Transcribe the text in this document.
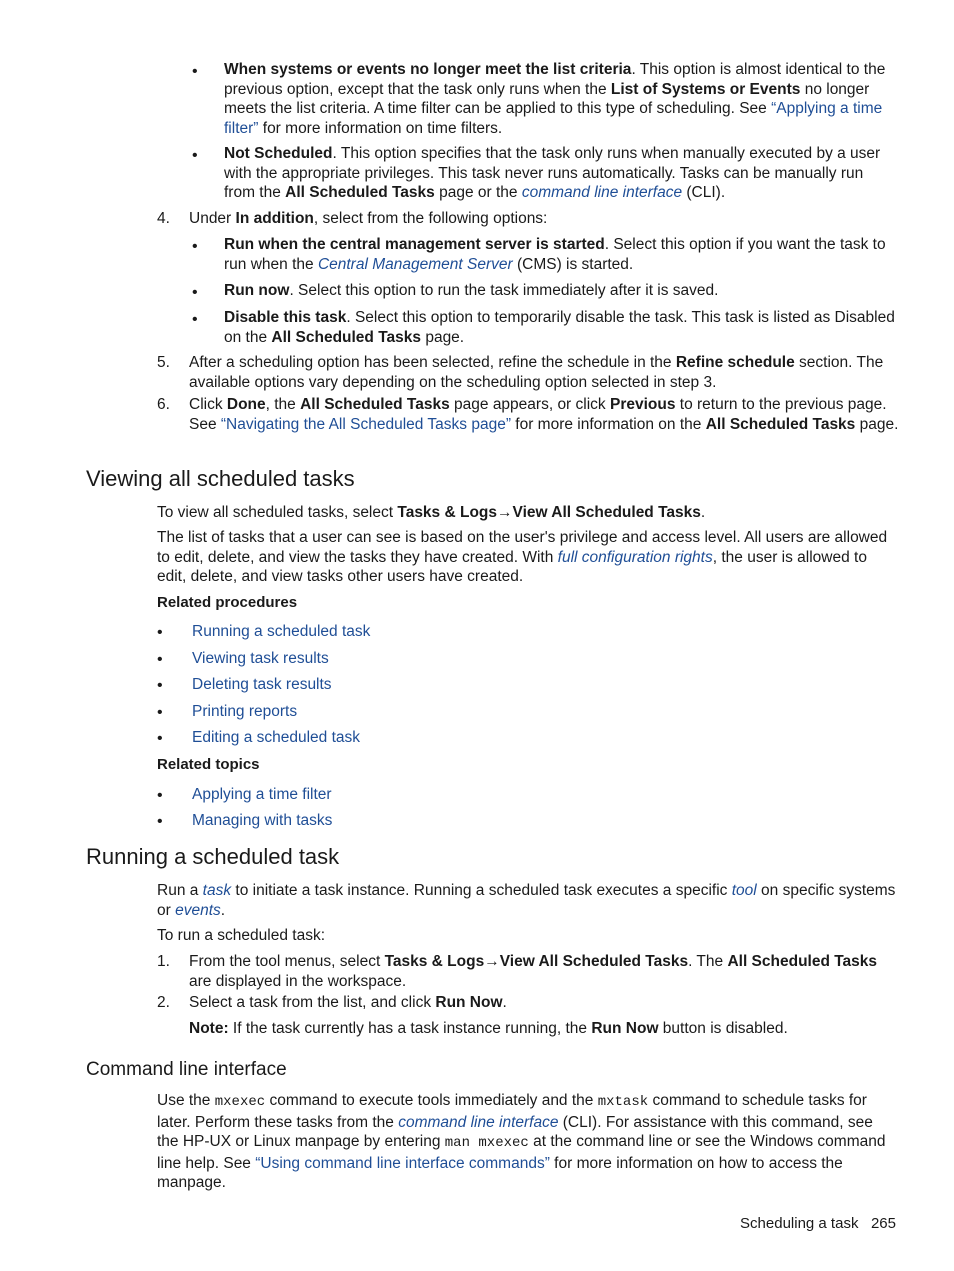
•	When systems or events no longer meet the list criteria. This option is almost identical to the previous option, except that the task only runs when the List of Systems or Events no longer meets the list criteria. A time filter can be applied to this type of scheduling. See “Applying a time filter” for more information on time filters.

•	Not Scheduled. This option specifies that the task only runs when manually executed by a user with the appropriate privileges. This task never runs automatically. Tasks can be manually run from the All Scheduled Tasks page or the command line interface (CLI).

4. Under In addition, select from the following options:

•	Run when the central management server is started. Select this option if you want the task to run when the Central Management Server (CMS) is started.

•	Run now. Select this option to run the task immediately after it is saved.

•	Disable this task. Select this option to temporarily disable the task. This task is listed as Disabled on the All Scheduled Tasks page.

5. After a scheduling option has been selected, refine the schedule in the Refine schedule section. The available options vary depending on the scheduling option selected in step 3.

6. Click Done, the All Scheduled Tasks page appears, or click Previous to return to the previous page. See “Navigating the All Scheduled Tasks page” for more information on the All Scheduled Tasks page.

Viewing all scheduled tasks

To view all scheduled tasks, select Tasks & Logs→View All Scheduled Tasks.

The list of tasks that a user can see is based on the user's privilege and access level. All users are allowed to edit, delete, and view the tasks they have created. With full configuration rights, the user is allowed to edit, delete, and view tasks other users have created.

Related procedures
• Running a scheduled task
• Viewing task results
• Deleting task results
• Printing reports
• Editing a scheduled task
Related topics
• Applying a time filter
• Managing with tasks
Running a scheduled task

Run a task to initiate a task instance. Running a scheduled task executes a specific tool on specific systems or events.

To run a scheduled task:

1. From the tool menus, select Tasks & Logs→View All Scheduled Tasks. The All Scheduled Tasks are displayed in the workspace.

2. Select a task from the list, and click Run Now.

Note: If the task currently has a task instance running, the Run Now button is disabled.

Command line interface

Use the mxexec command to execute tools immediately and the mxtask command to schedule tasks for later. Perform these tasks from the command line interface (CLI). For assistance with this command, see the HP-UX or Linux manpage by entering man mxexec at the command line or see the Windows command line help. See “Using command line interface commands” for more information on how to access the manpage.

Scheduling a task 265
